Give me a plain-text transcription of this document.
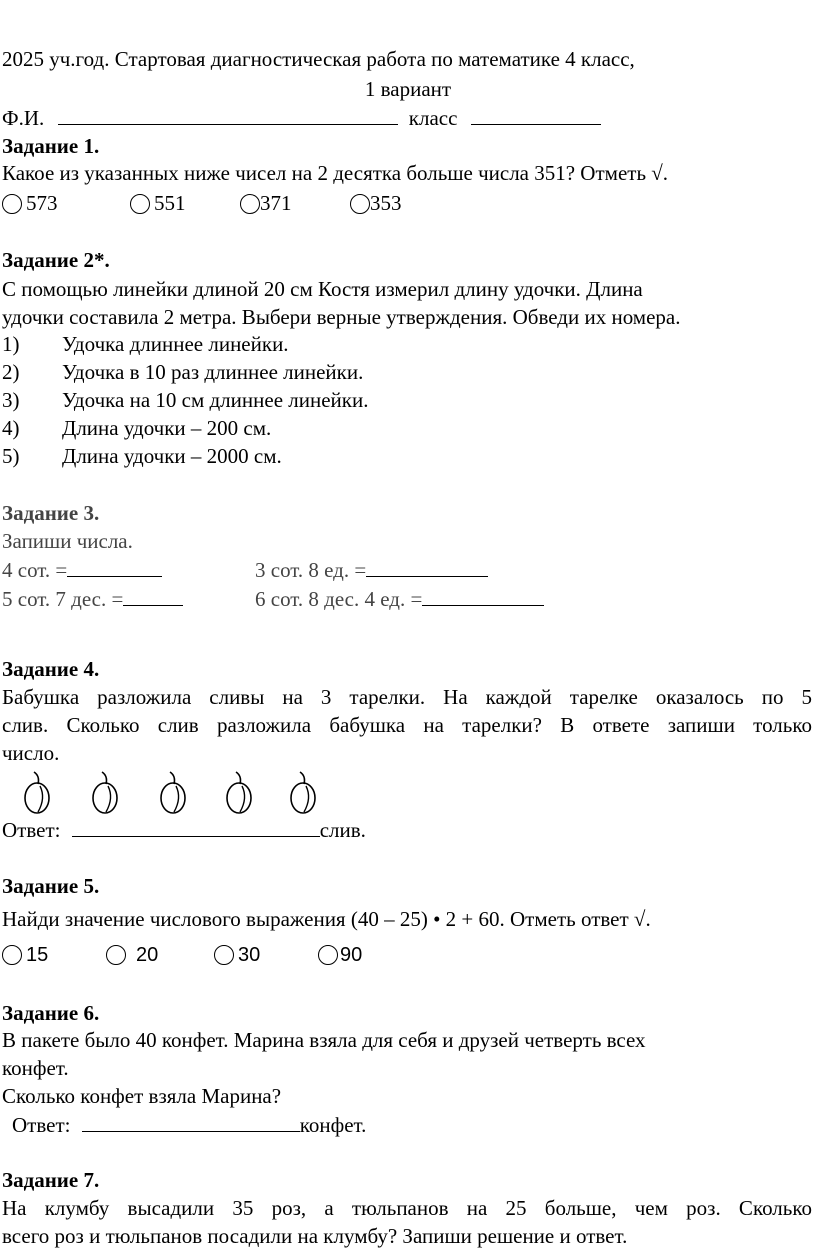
2025 уч.год. Стартовая диагностическая работа по математике 4 класс,
1 вариант
Ф.И.	класс
Задание 1.
Какое из указанных ниже чисел на 2 десятка больше числа 351? Отметь √.
573	551	371	353
Задание 2*.
С помощью линейки длиной 20 см Костя измерил длину удочки. Длина
удочки составила 2 метра. Выбери верные утверждения. Обведи их номера.
1) Удочка длиннее линейки.
2) Удочка в 10 раз длиннее линейки.
3) Удочка на 10 см длиннее линейки.
4) Длина удочки – 200 см.
5) Длина удочки – 2000 см.
Задание 3.
Запиши числа.
4 сот. =	3 сот. 8 ед. =
5 сот. 7 дес. =	6 сот. 8 дес. 4 ед. =
Задание 4.
Бабушка разложила сливы на 3 тарелки. На каждой тарелке оказалось по 5
слив. Сколько слив разложила бабушка на тарелки? В ответе запиши только
число.
Ответ:	слив.
Задание 5.
Найди значение числового выражения (40 – 25) • 2 + 60. Отметь ответ √.
15	20	30	90
Задание 6.
В пакете было 40 конфет. Марина взяла для себя и друзей четверть всех
конфет.
Сколько конфет взяла Марина?
Ответ:	конфет.
Задание 7.
На клумбу высадили 35 роз, а тюльпанов на 25 больше, чем роз. Сколько
всего роз и тюльпанов посадили на клумбу? Запиши решение и ответ.
